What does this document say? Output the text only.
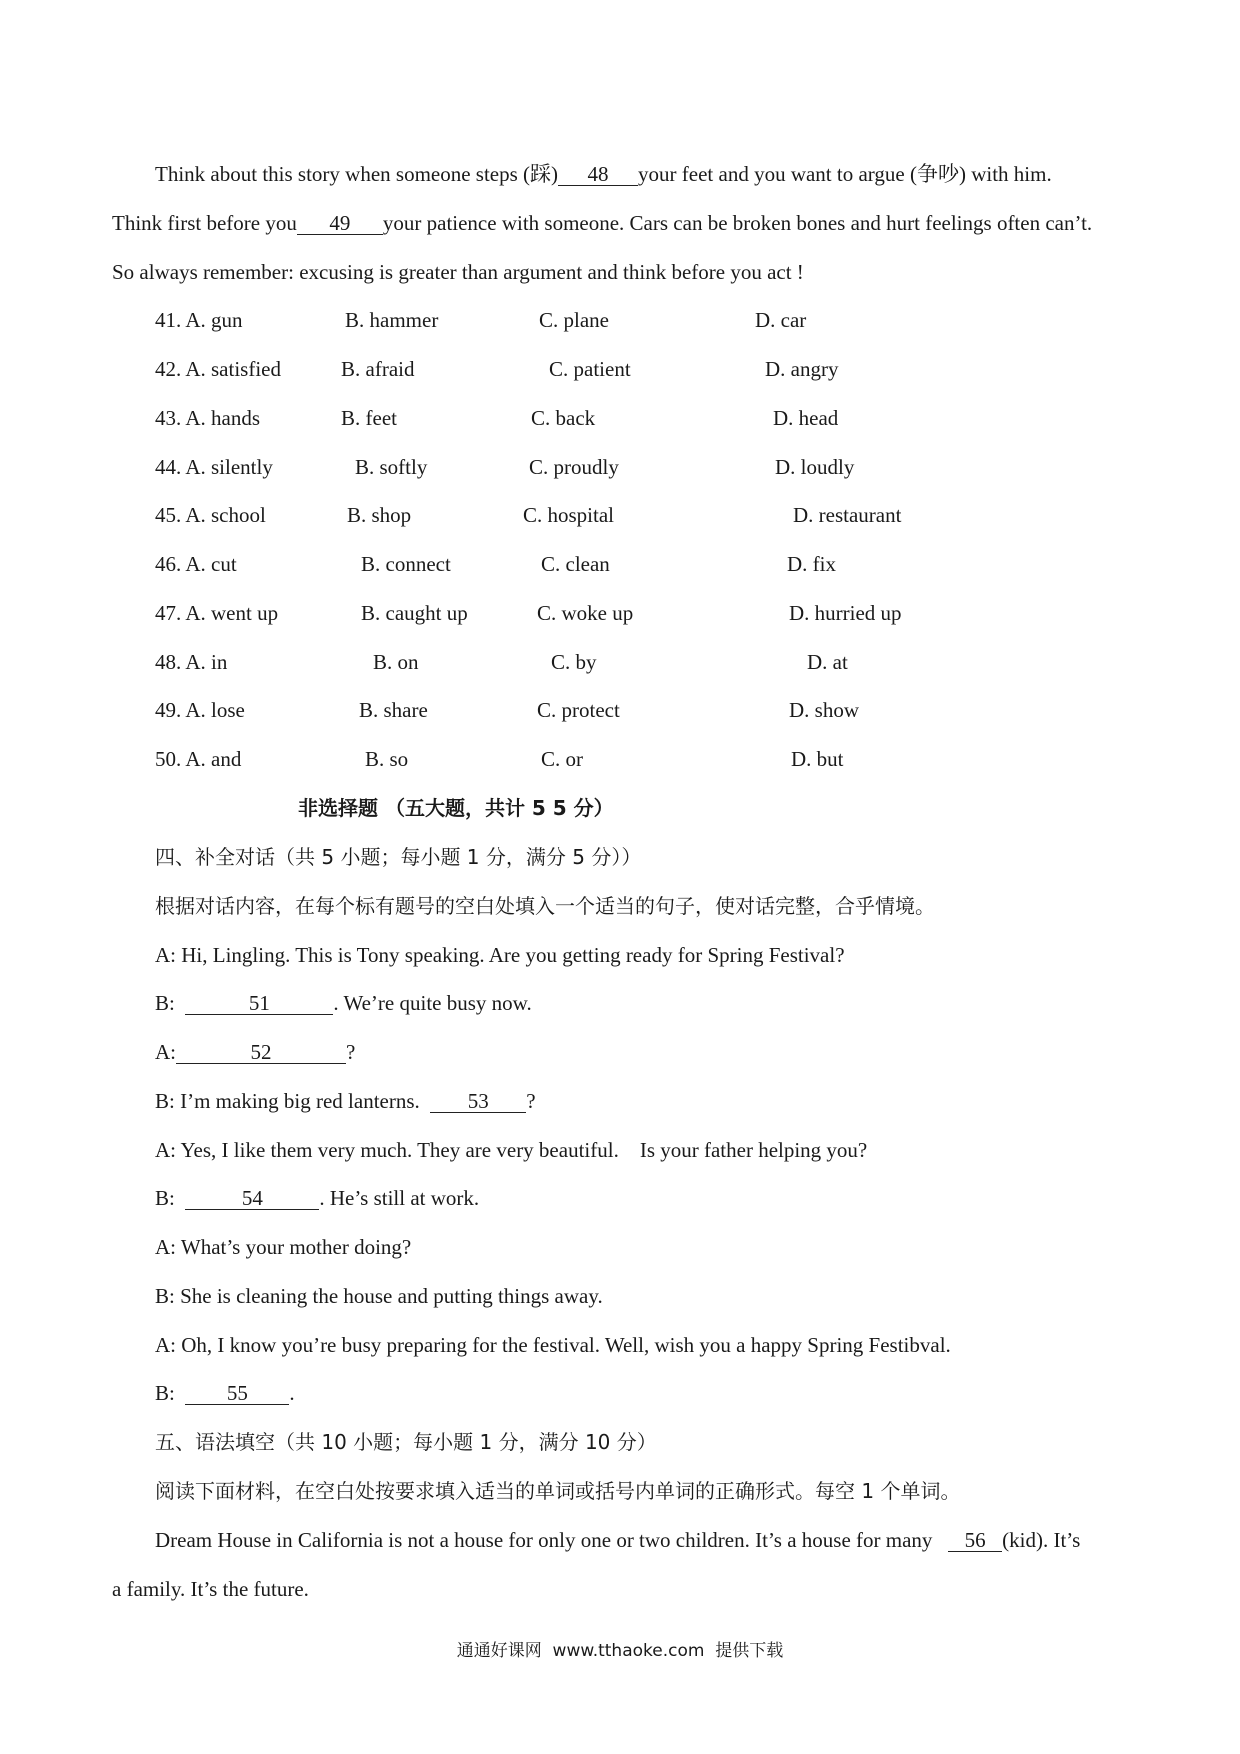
Think about this story when someone steps (踩) 48 your feet and you want to argue (争吵) with him.
Think first before you 49 your patience with someone. Cars can be broken bones and hurt feelings often can’t.
So always remember: excusing is greater than argument and think before you act !
41. A. gun	B. hammer	C. plane	D. car
42. A. satisfied	B. afraid	C. patient	D. angry
43. A. hands	B. feet	C. back	D. head
44. A. silently	B. softly	C. proudly	D. loudly
45. A. school	B. shop	C. hospital	D. restaurant
46. A. cut	B. connect	C. clean	D. fix
47. A. went up	B. caught up	C. woke up	D. hurried up
48. A. in	B. on	C. by	D. at
49. A. lose	B. share	C. protect	D. show
50. A. and	B. so	C. or	D. but
非选择题 （五大题，共计 5 5 分）
四、补全对话（共 5 小题；每小题 1 分，满分 5 分））
根据对话内容，在每个标有题号的空白处填入一个适当的句子，使对话完整，合乎情境。
A: Hi, Lingling. This is Tony speaking. Are you getting ready for Spring Festival?
B:	51	. We’re quite busy now.
A:	52	?
B: I’m making big red lanterns. 53 ?
A: Yes, I like them very much. They are very beautiful.    Is your father helping you?
B:	54	. He’s still at work.
A: What’s your mother doing?
B: She is cleaning the house and putting things away.
A: Oh, I know you’re busy preparing for the festival. Well, wish you a happy Spring Festibval.
B: 55 .
五、语法填空（共 10 小题；每小题 1 分，满分 10 分）
阅读下面材料，在空白处按要求填入适当的单词或括号内单词的正确形式。每空 1 个单词。
Dream House in California is not a house for only one or two children. It’s a house for many 56 (kid). It’s
a family. It’s the future.
通通好课网  www.tthaoke.com  提供下载
